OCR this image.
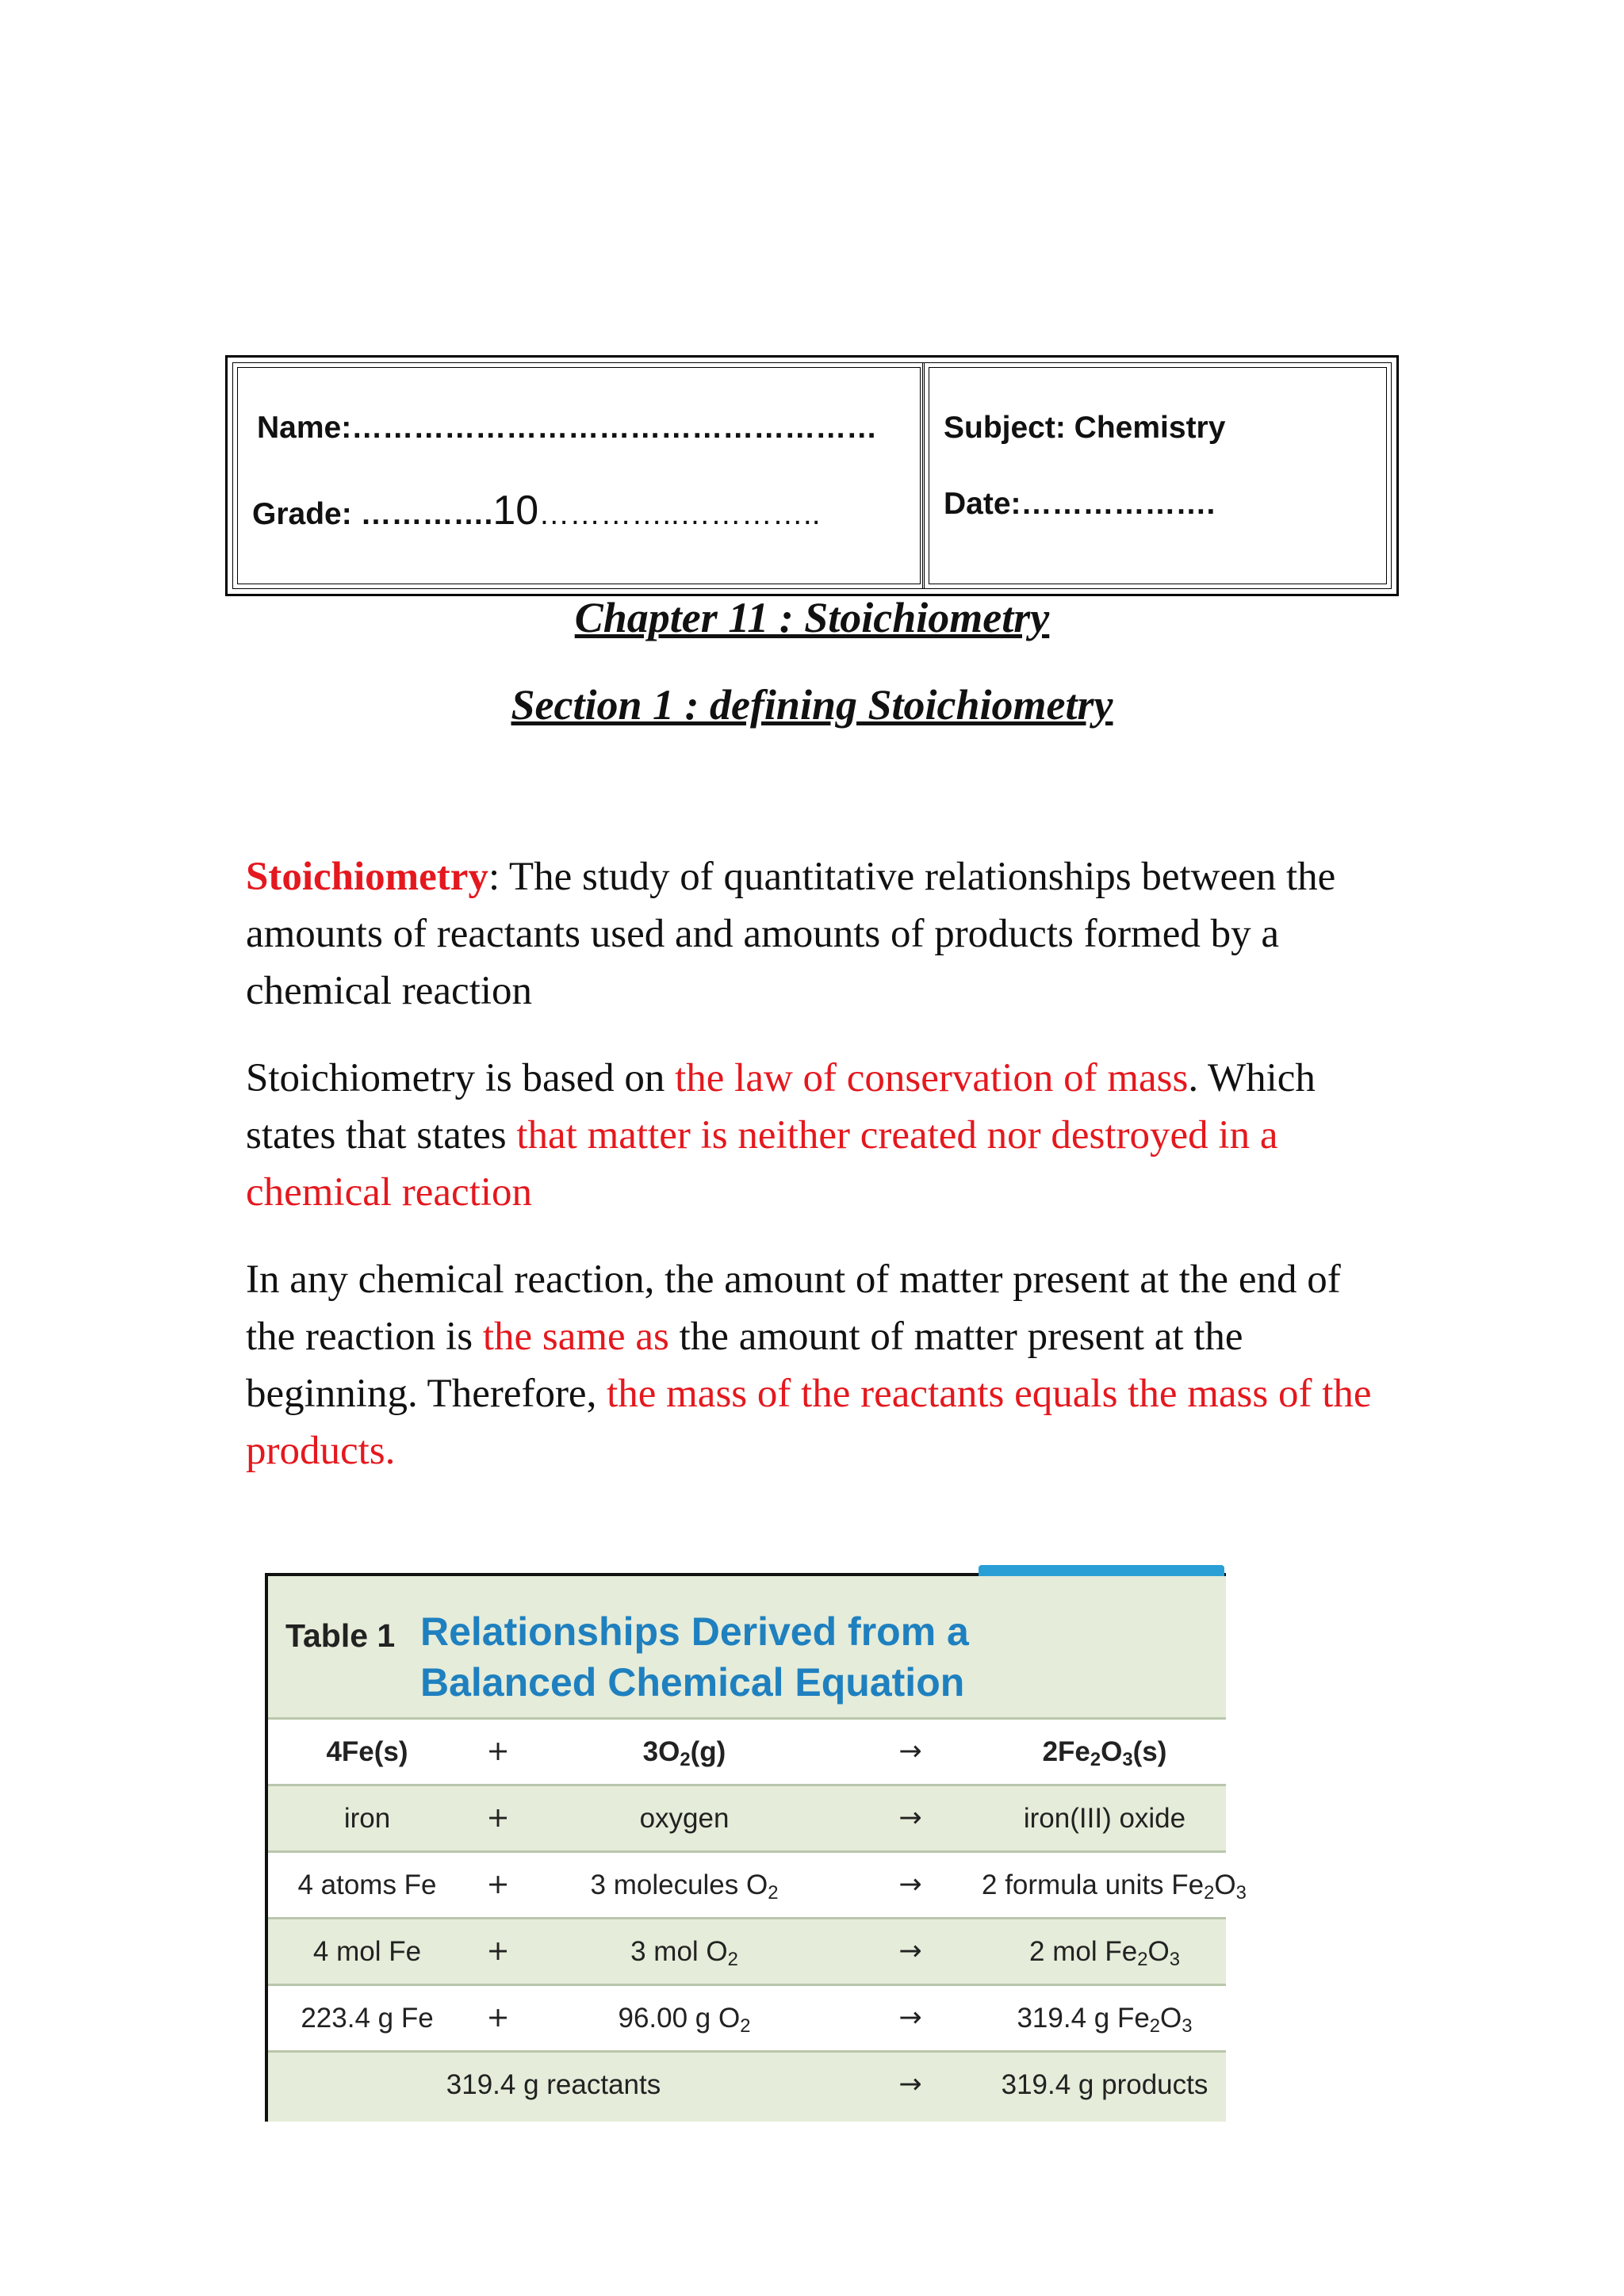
Name:……………………………………………
Grade: ………….10…………..…………..
Subject: Chemistry
Date:……………….
Chapter 11 : Stoichiometry
Section 1 : defining Stoichiometry
Stoichiometry: The study of quantitative relationships between the amounts of reactants used and amounts of products formed by a chemical reaction
Stoichiometry is based on the law of conservation of mass. Which states that states that matter is neither created nor destroyed in a chemical reaction
In any chemical reaction, the amount of matter present at the end of the reaction is the same as the amount of matter present at the beginning. Therefore, the mass of the reactants equals the mass of the products.
Table 1 Relationships Derived from a
Balanced Chemical Equation
4Fe(s)	+	$3O_2(g)$	→	$2Fe_2O_3(s)$
iron	+	oxygen	→	iron(III) oxide
4 atoms Fe	+	3 molecules $O_2$	→	2 formula units $Fe_2O_3$
4 mol Fe	+	3 mol $O_2$	→	2 mol $Fe_2O_3$
223.4 g Fe	+	96.00 g $O_2$	→	319.4 g $Fe_2O_3$
319.4 g reactants	→	319.4 g products
